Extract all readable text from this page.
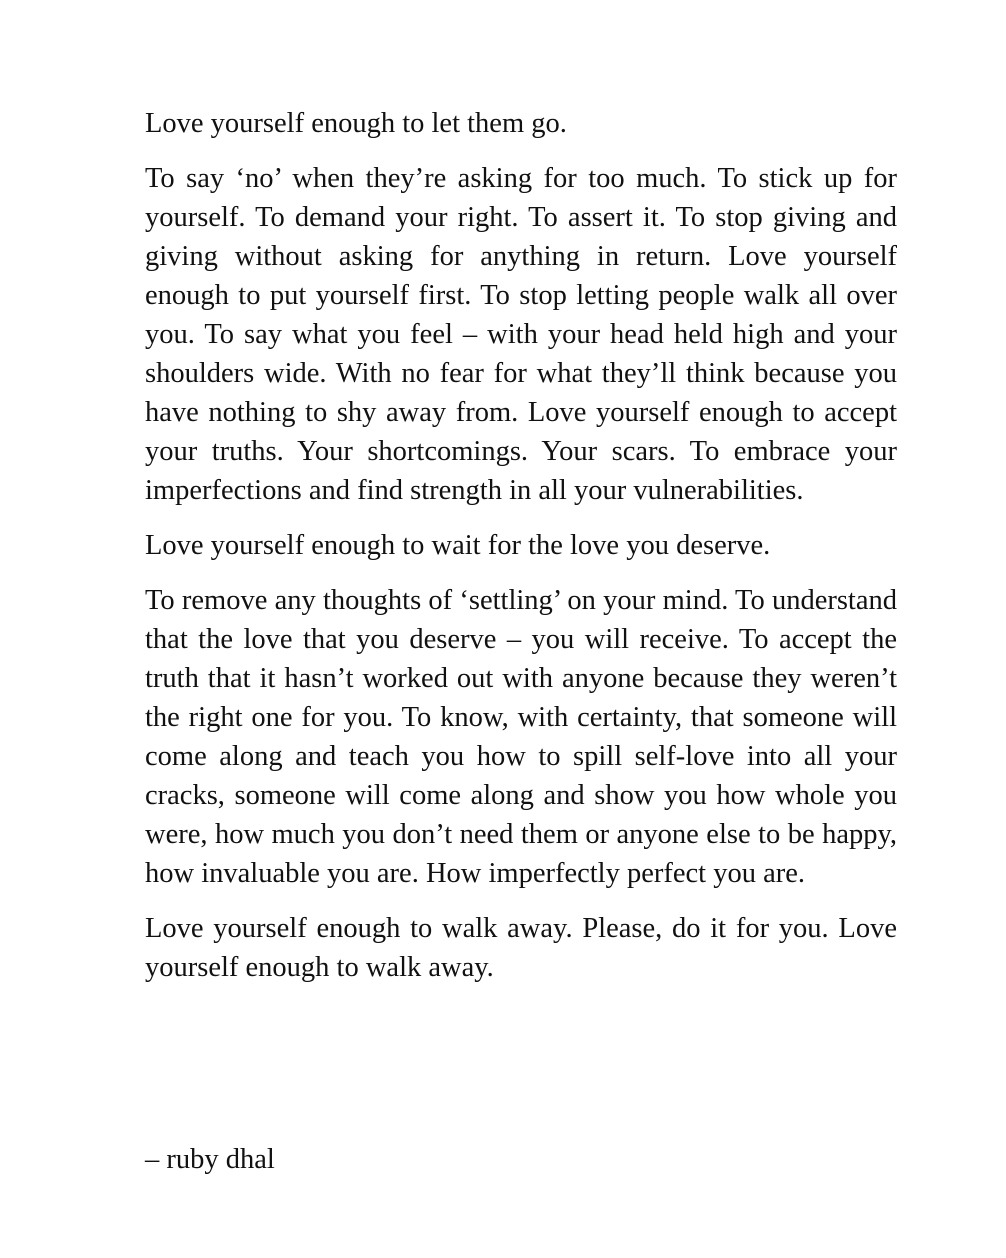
Love yourself enough to let them go.

To say ‘no’ when they’re asking for too much. To stick up for yourself. To demand your right. To assert it. To stop giving and giving without asking for anything in return. Love yourself enough to put yourself first. To stop letting people walk all over you. To say what you feel – with your head held high and your shoulders wide. With no fear for what they’ll think because you have nothing to shy away from. Love yourself enough to accept your truths. Your shortcomings. Your scars. To embrace your imperfections and find strength in all your vulnerabilities.

Love yourself enough to wait for the love you deserve.

To remove any thoughts of ‘settling’ on your mind. To understand that the love that you deserve – you will receive. To accept the truth that it hasn’t worked out with anyone because they weren’t the right one for you. To know, with certainty, that someone will come along and teach you how to spill self-love into all your cracks, someone will come along and show you how whole you were, how much you don’t need them or anyone else to be happy, how invaluable you are. How imperfectly perfect you are.

Love yourself enough to walk away. Please, do it for you. Love yourself enough to walk away.

– ruby dhal
